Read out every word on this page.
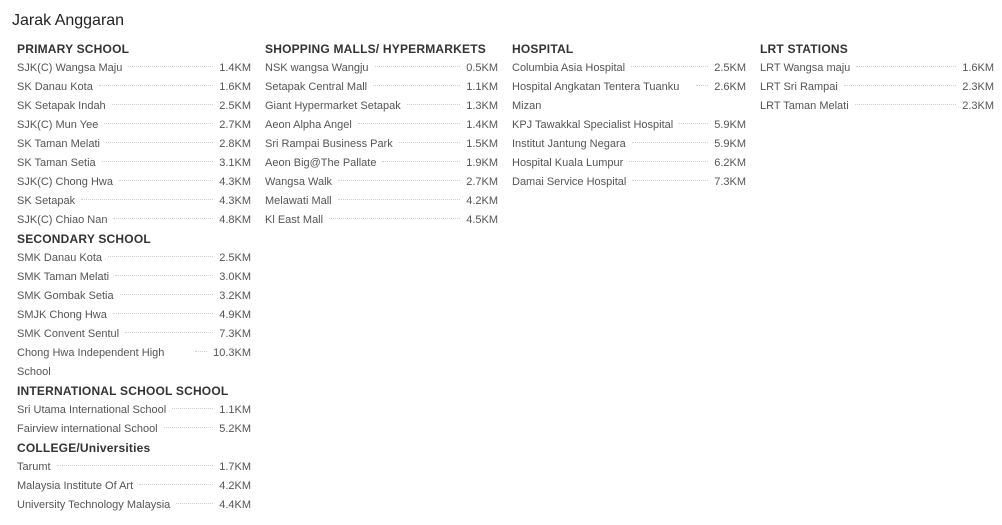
Jarak Anggaran
PRIMARY SCHOOL
SJK(C) Wangsa Maju	1.4KM
SK Danau Kota	1.6KM
SK Setapak Indah	2.5KM
SJK(C) Mun Yee	2.7KM
SK Taman Melati	2.8KM
SK Taman Setia	3.1KM
SJK(C) Chong Hwa	4.3KM
SK Setapak	4.3KM
SJK(C) Chiao Nan	4.8KM
SECONDARY SCHOOL
SMK Danau Kota	2.5KM
SMK Taman Melati	3.0KM
SMK Gombak Setia	3.2KM
SMJK Chong Hwa	4.9KM
SMK Convent Sentul	7.3KM
Chong Hwa Independent High School
10.3KM
INTERNATIONAL SCHOOL SCHOOL
Sri Utama International School	1.1KM
Fairview international School	5.2KM
COLLEGE/Universities
Tarumt	1.7KM
Malaysia Institute Of Art	4.2KM
University Technology Malaysia	4.4KM
SHOPPING MALLS/ HYPERMARKETS
NSK wangsa Wangju	0.5KM
Setapak Central Mall	1.1KM
Giant Hypermarket Setapak	1.3KM
Aeon Alpha Angel	1.4KM
Sri Rampai Business Park	1.5KM
Aeon Big@The Pallate	1.9KM
Wangsa Walk	2.7KM
Melawati Mall	4.2KM
Kl East Mall	4.5KM
HOSPITAL
Columbia Asia Hospital	2.5KM
Hospital Angkatan Tentera Tuanku Mizan
2.6KM
KPJ Tawakkal Specialist Hospital	5.9KM
Institut Jantung Negara	5.9KM
Hospital Kuala Lumpur	6.2KM
Damai Service Hospital	7.3KM
LRT STATIONS
LRT Wangsa maju	1.6KM
LRT Sri Rampai	2.3KM
LRT Taman Melati	2.3KM
